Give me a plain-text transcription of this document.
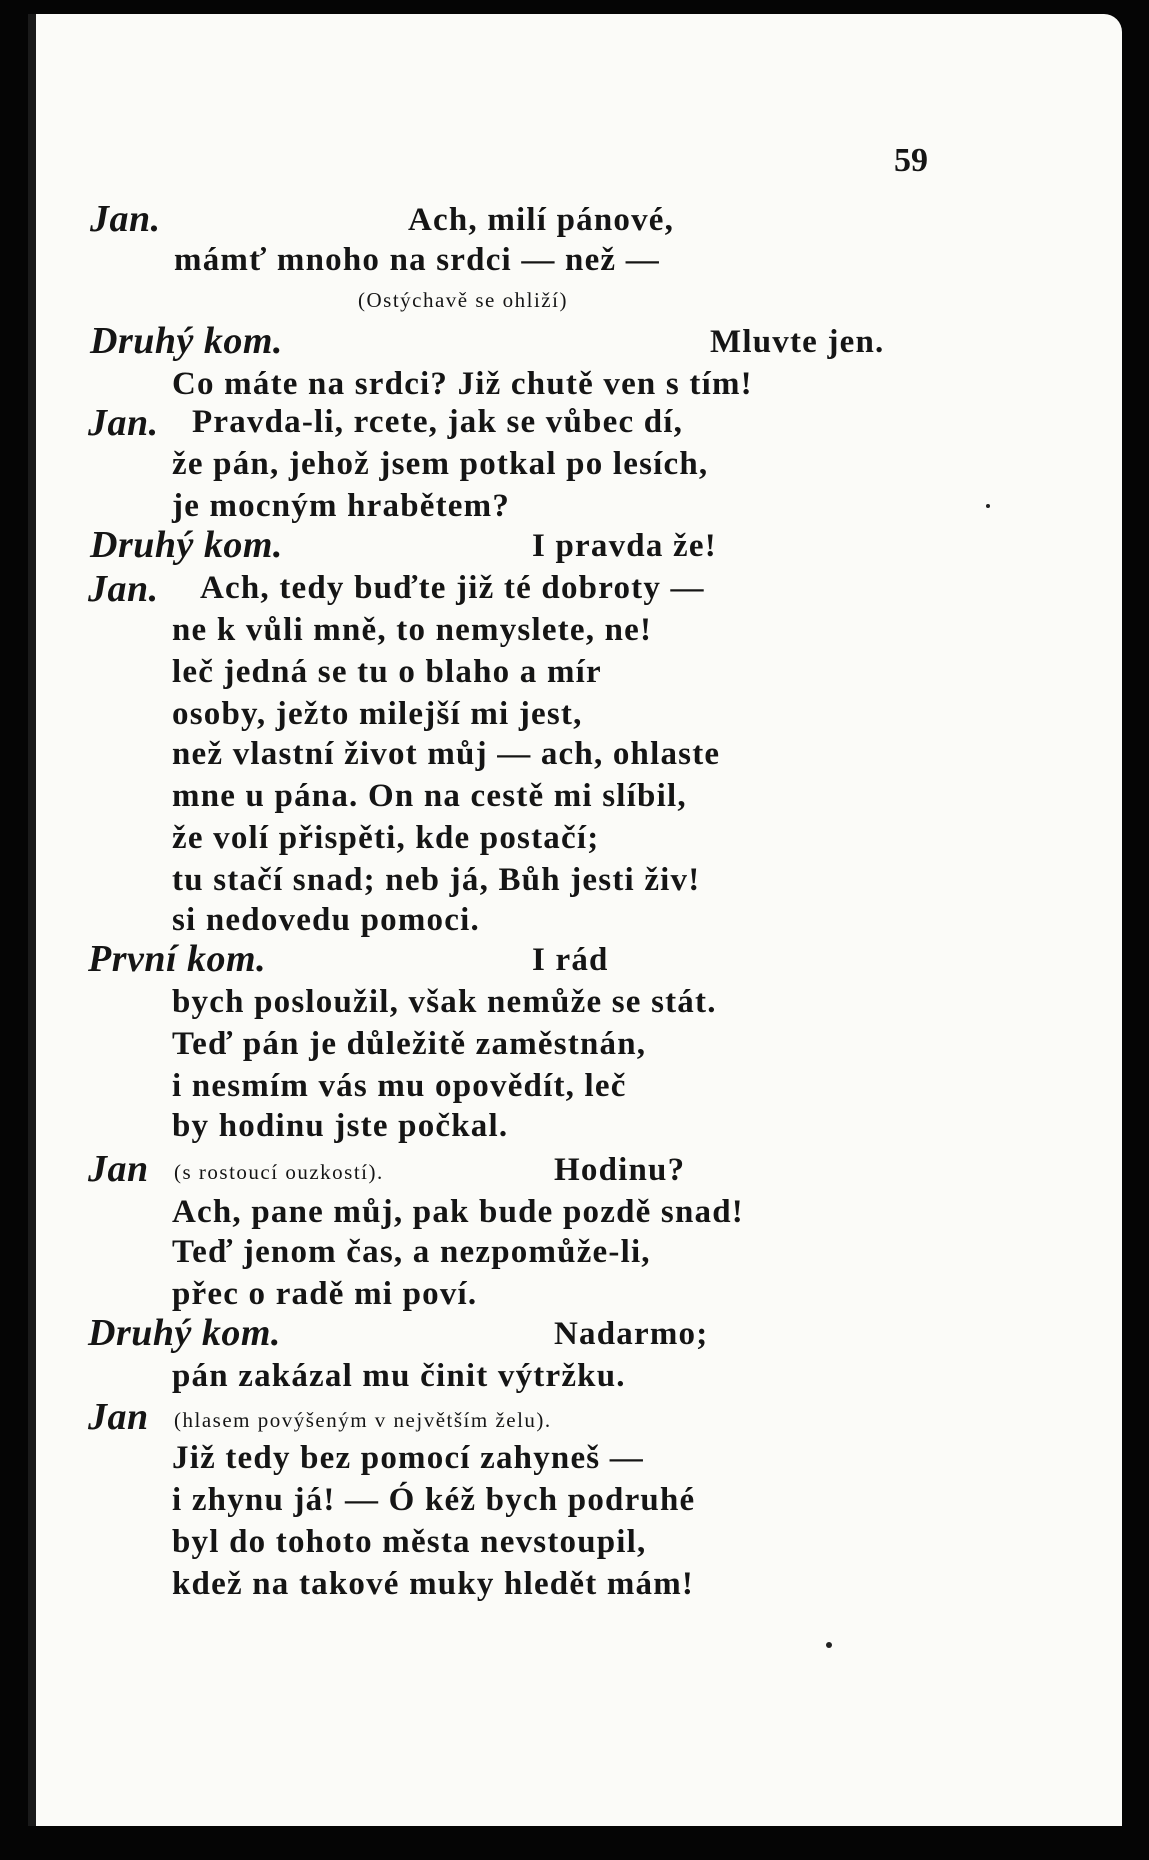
59
Jan.	Ach, milí pánové,
mámť mnoho na srdci — než —
(Ostýchavě se ohliží)
Druhý kom.	Mluvte jen.
Co máte na srdci? Již chutě ven s tím!
Jan. Pravda-li, rcete, jak se vůbec dí,
že pán, jehož jsem potkal po lesích,
je mocným hrabětem?
Druhý kom.	I pravda že!
Jan. Ach, tedy buďte již té dobroty —
ne k vůli mně, to nemyslete, ne!
leč jedná se tu o blaho a mír
osoby, ježto milejší mi jest,
než vlastní život můj — ach, ohlaste
mne u pána. On na cestě mi slíbil,
že volí přispěti, kde postačí;
tu stačí snad; neb já, Bůh jesti živ!
si nedovedu pomoci.
První kom.	I rád
bych posloužil, však nemůže se stát.
Teď pán je důležitě zaměstnán,
i nesmím vás mu opovědít, leč
by hodinu jste počkal.
Jan (s rostoucí ouzkostí).	Hodinu?
Ach, pane můj, pak bude pozdě snad!
Teď jenom čas, a nezpomůže-li,
přec o radě mi poví.
Druhý kom.	Nadarmo;
pán zakázal mu činit výtržku.
Jan (hlasem povýšeným v největším želu).
Již tedy bez pomocí zahyneš —
i zhynu já! — Ó kéž bych podruhé
byl do tohoto města nevstoupil,
kdež na takové muky hledět mám!
